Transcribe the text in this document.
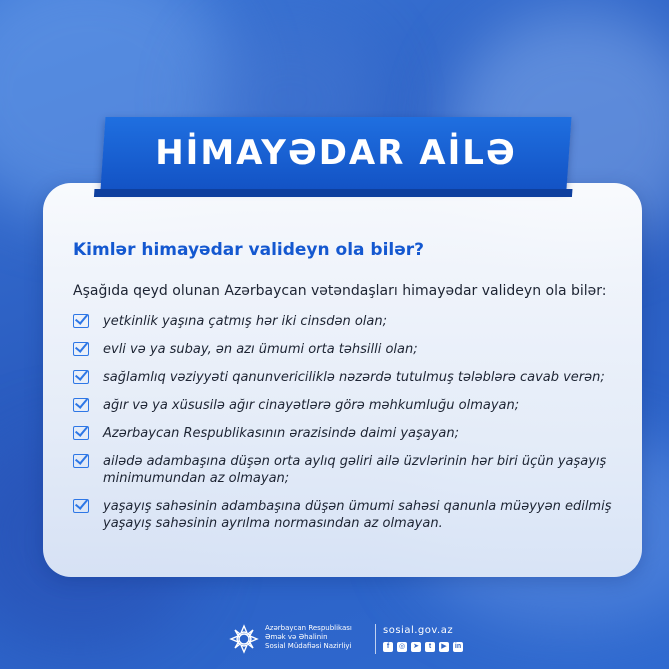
HİMAYƏDAR AİLƏ
Kimlər himayədar valideyn ola bilər?
Aşağıda qeyd olunan Azərbaycan vətəndaşları himayədar valideyn ola bilər:
yetkinlik yaşına çatmış hər iki cinsdən olan;
evli və ya subay, ən azı ümumi orta təhsilli olan;
sağlamlıq vəziyyəti qanunvericiliklə nəzərdə tutulmuş tələblərə cavab verən;
ağır və ya xüsusilə ağır cinayətlərə görə məhkumluğu olmayan;
Azərbaycan Respublikasının ərazisində daimi yaşayan;
ailədə adambaşına düşən orta aylıq gəliri ailə üzvlərinin hər biri üçün yaşayış minimumundan az olmayan;
yaşayış sahəsinin adambaşına düşən ümumi sahəsi qanunla müəyyən edilmiş yaşayış sahəsinin ayrılma normasından az olmayan.
Azərbaycan Respublikası
Əmək və Əhalinin
Sosial Müdafiəsi Nazirliyi
sosial.gov.az
f	◎ ➤	t	▶	in
